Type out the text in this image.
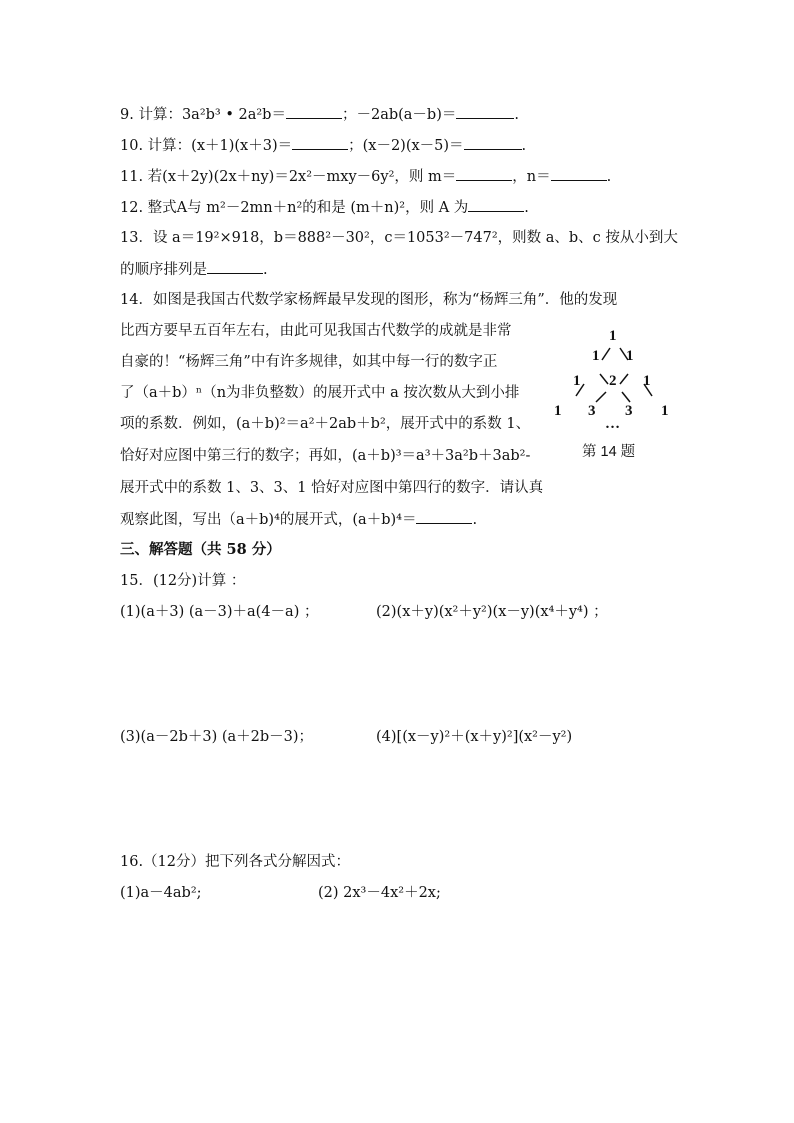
9. 计算：3a²b³ • 2a²b＝	；－2ab(a－b)＝	.
10. 计算：(x＋1)(x＋3)＝	；(x－2)(x－5)＝	.
11. 若(x＋2y)(2x＋ny)＝2x²－mxy－6y²，则 m＝	，n＝	.
12. 整式A与 m²－2mn＋n²的和是 (m＋n)²，则 A 为	.
13．设 a＝19²×918，b＝888²－30²，c＝1053²－747²，则数 a、b、c 按从小到大
的顺序排列是	.
14．如图是我国古代数学家杨辉最早发现的图形，称为“杨辉三角”．他的发现
比西方要早五百年左右，由此可见我国古代数学的成就是非常
自豪的！“杨辉三角”中有许多规律，如其中每一行的数字正
了（a＋b）ⁿ（n为非负整数）的展开式中 a 按次数从大到小排
项的系数．例如，(a＋b)²＝a²＋2ab＋b²，展开式中的系数 1、
恰好对应图中第三行的数字；再如，(a＋b)³＝a³＋3a²b＋3ab²-
展开式中的系数 1、3、3、1 恰好对应图中第四行的数字．请认真
观察此图，写出（a＋b)⁴的展开式，(a＋b)⁴＝	.
1
1 1
1 2 1
1 3 3 1
…
第 14 题
三、解答题（共 58 分）
15．(12分)计算 ：
(1)(a＋3) (a－3)＋a(4－a) ；	(2)(x＋y)(x²＋y²)(x－y)(x⁴＋y⁴) ；
(3)(a－2b＋3) (a＋2b－3)；	(4)[(x－y)²＋(x＋y)²](x²－y²)
16.（12分）把下列各式分解因式：
(1)a－4ab²;	(2) 2x³－4x²＋2x;
